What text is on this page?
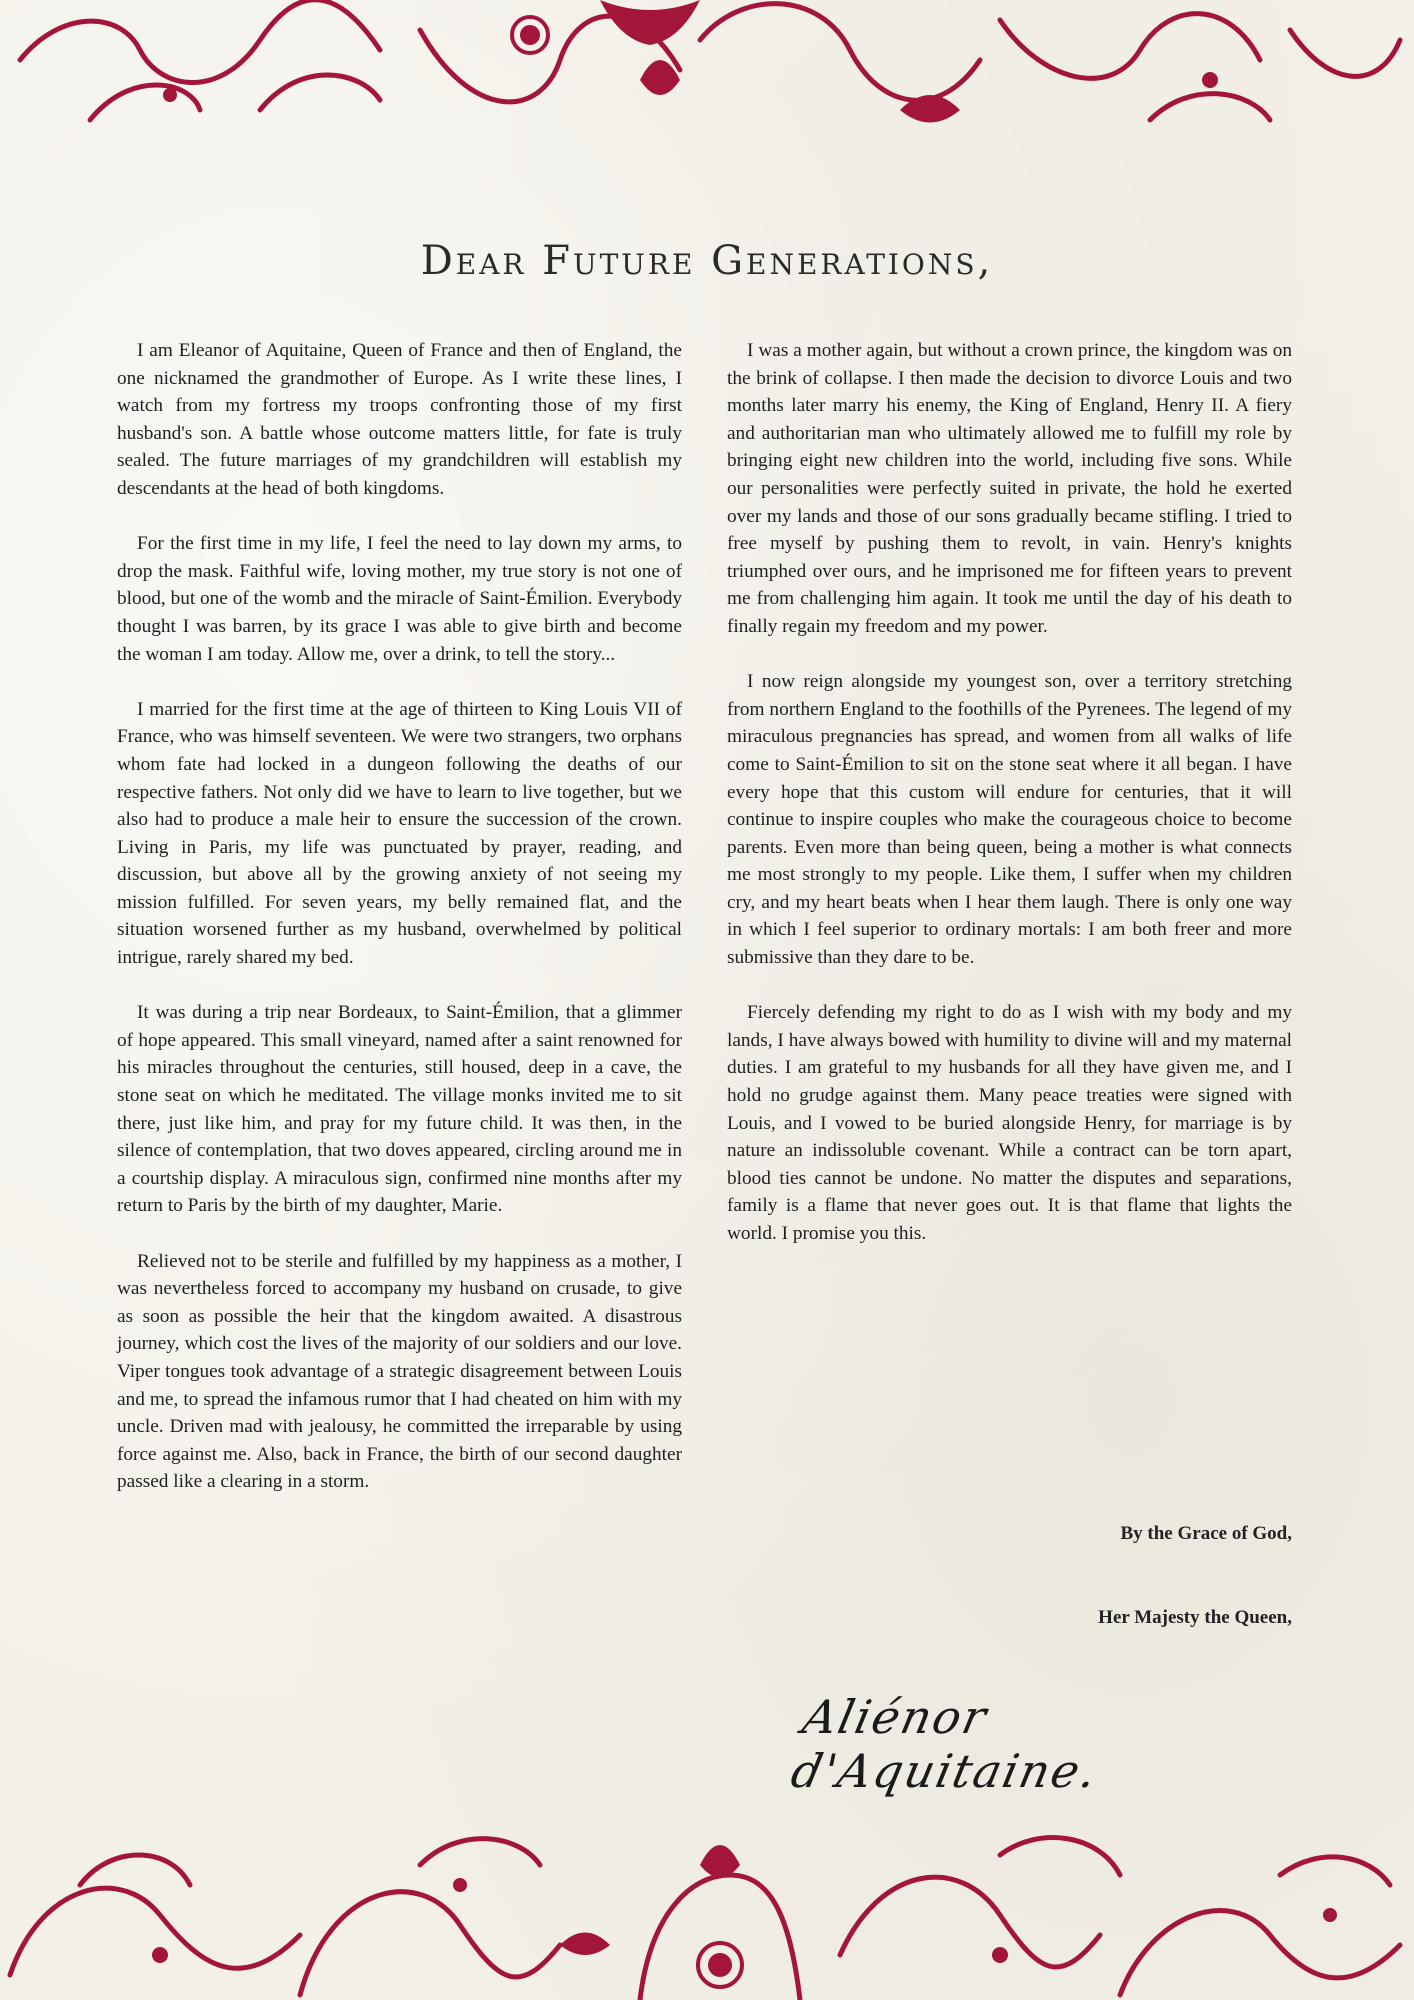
Dear Future Generations,

I am Eleanor of Aquitaine, Queen of France and then of England, the one nicknamed the grandmother of Europe. As I write these lines, I watch from my fortress my troops confronting those of my first husband's son. A battle whose outcome matters little, for fate is truly sealed. The future marriages of my grandchildren will establish my descendants at the head of both kingdoms.

For the first time in my life, I feel the need to lay down my arms, to drop the mask. Faithful wife, loving mother, my true story is not one of blood, but one of the womb and the miracle of Saint-Émilion. Everybody thought I was barren, by its grace I was able to give birth and become the woman I am today. Allow me, over a drink, to tell the story...

I married for the first time at the age of thirteen to King Louis VII of France, who was himself seventeen. We were two strangers, two orphans whom fate had locked in a dungeon following the deaths of our respective fathers. Not only did we have to learn to live together, but we also had to produce a male heir to ensure the succession of the crown. Living in Paris, my life was punctuated by prayer, reading, and discussion, but above all by the growing anxiety of not seeing my mission fulfilled. For seven years, my belly remained flat, and the situation worsened further as my husband, overwhelmed by political intrigue, rarely shared my bed.

It was during a trip near Bordeaux, to Saint-Émilion, that a glimmer of hope appeared. This small vineyard, named after a saint renowned for his miracles throughout the centuries, still housed, deep in a cave, the stone seat on which he meditated. The village monks invited me to sit there, just like him, and pray for my future child. It was then, in the silence of contemplation, that two doves appeared, circling around me in a courtship display. A miraculous sign, confirmed nine months after my return to Paris by the birth of my daughter, Marie.

Relieved not to be sterile and fulfilled by my happiness as a mother, I was nevertheless forced to accompany my husband on crusade, to give as soon as possible the heir that the kingdom awaited. A disastrous journey, which cost the lives of the majority of our soldiers and our love. Viper tongues took advantage of a strategic disagreement between Louis and me, to spread the infamous rumor that I had cheated on him with my uncle. Driven mad with jealousy, he committed the irreparable by using force against me. Also, back in France, the birth of our second daughter passed like a clearing in a storm.

I was a mother again, but without a crown prince, the kingdom was on the brink of collapse. I then made the decision to divorce Louis and two months later marry his enemy, the King of England, Henry II. A fiery and authoritarian man who ultimately allowed me to fulfill my role by bringing eight new children into the world, including five sons. While our personalities were perfectly suited in private, the hold he exerted over my lands and those of our sons gradually became stifling. I tried to free myself by pushing them to revolt, in vain. Henry's knights triumphed over ours, and he imprisoned me for fifteen years to prevent me from challenging him again. It took me until the day of his death to finally regain my freedom and my power.

I now reign alongside my youngest son, over a territory stretching from northern England to the foothills of the Pyrenees. The legend of my miraculous pregnancies has spread, and women from all walks of life come to Saint-Émilion to sit on the stone seat where it all began. I have every hope that this custom will endure for centuries, that it will continue to inspire couples who make the courageous choice to become parents. Even more than being queen, being a mother is what connects me most strongly to my people. Like them, I suffer when my children cry, and my heart beats when I hear them laugh. There is only one way in which I feel superior to ordinary mortals: I am both freer and more submissive than they dare to be.

Fiercely defending my right to do as I wish with my body and my lands, I have always bowed with humility to divine will and my maternal duties. I am grateful to my husbands for all they have given me, and I hold no grudge against them. Many peace treaties were signed with Louis, and I vowed to be buried alongside Henry, for marriage is by nature an indissoluble covenant. While a contract can be torn apart, blood ties cannot be undone. No matter the disputes and separations, family is a flame that never goes out. It is that flame that lights the world. I promise you this.

By the Grace of God,
Her Majesty the Queen,
Aliénor d'Aquitaine.
